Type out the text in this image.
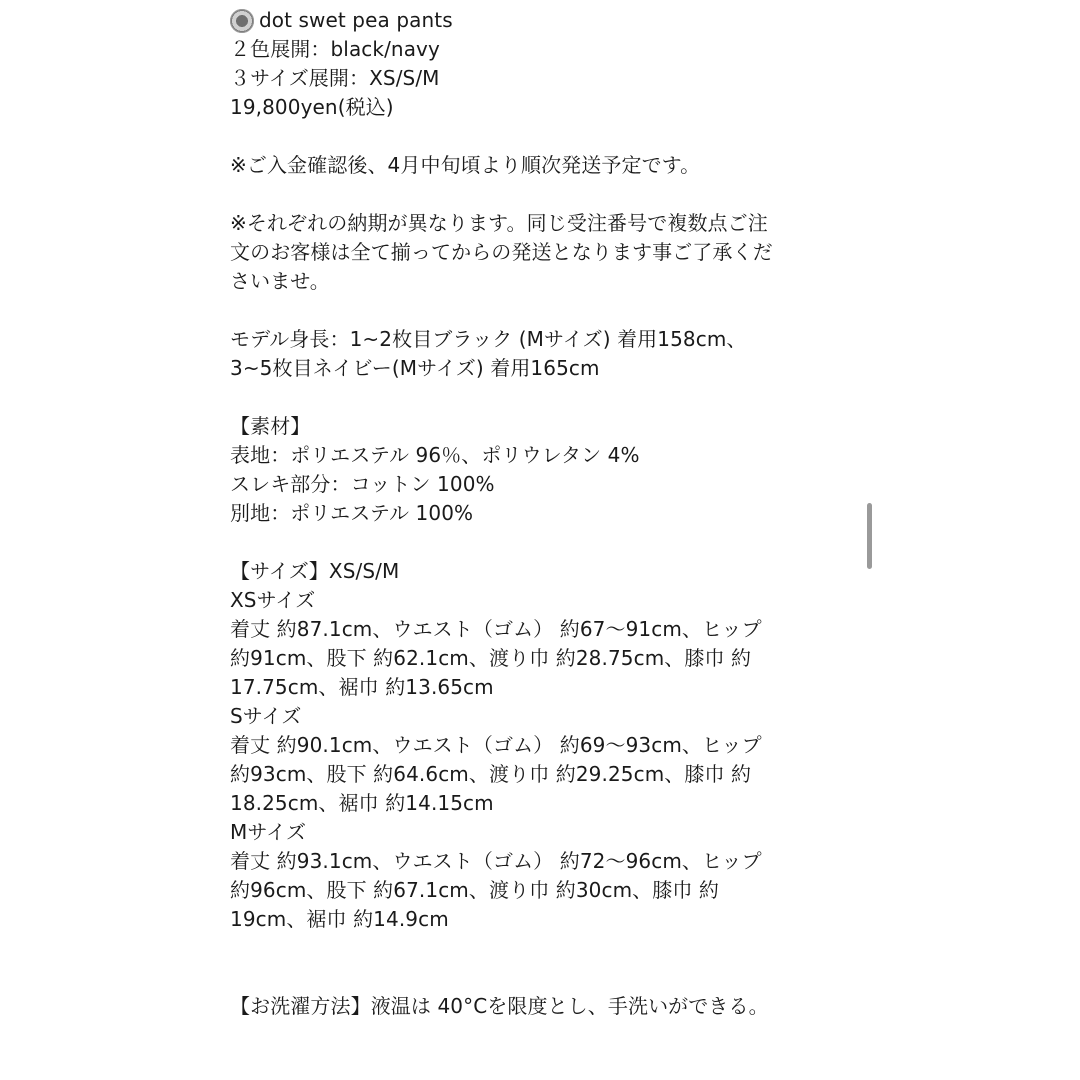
dot swet pea pants
２色展開：black/navy
３サイズ展開：XS/S/M
19,800yen(税込)
※ご入金確認後、4月中旬頃より順次発送予定です。
※それぞれの納期が異なります。同じ受注番号で複数点ご注
文のお客様は全て揃ってからの発送となります事ご了承くだ
さいませ。
モデル身長：1~2枚目ブラック (Mサイズ) 着用158cm、
3~5枚目ネイビー(Mサイズ) 着用165cm
【素材】
表地：ポリエステル 96％、ポリウレタン 4%
スレキ部分：コットン 100%
別地：ポリエステル 100%
【サイズ】XS/S/M
XSサイズ
着丈 約87.1cm、ウエスト（ゴム） 約67〜91cm、ヒップ
約91cm、股下 約62.1cm、渡り巾 約28.75cm、膝巾 約
17.75cm、裾巾 約13.65cm
Sサイズ
着丈 約90.1cm、ウエスト（ゴム） 約69〜93cm、ヒップ
約93cm、股下 約64.6cm、渡り巾 約29.25cm、膝巾 約
18.25cm、裾巾 約14.15cm
Mサイズ
着丈 約93.1cm、ウエスト（ゴム） 約72〜96cm、ヒップ
約96cm、股下 約67.1cm、渡り巾 約30cm、膝巾 約
19cm、裾巾 約14.9cm
【お洗濯方法】液温は 40°Cを限度とし、手洗いができる。
